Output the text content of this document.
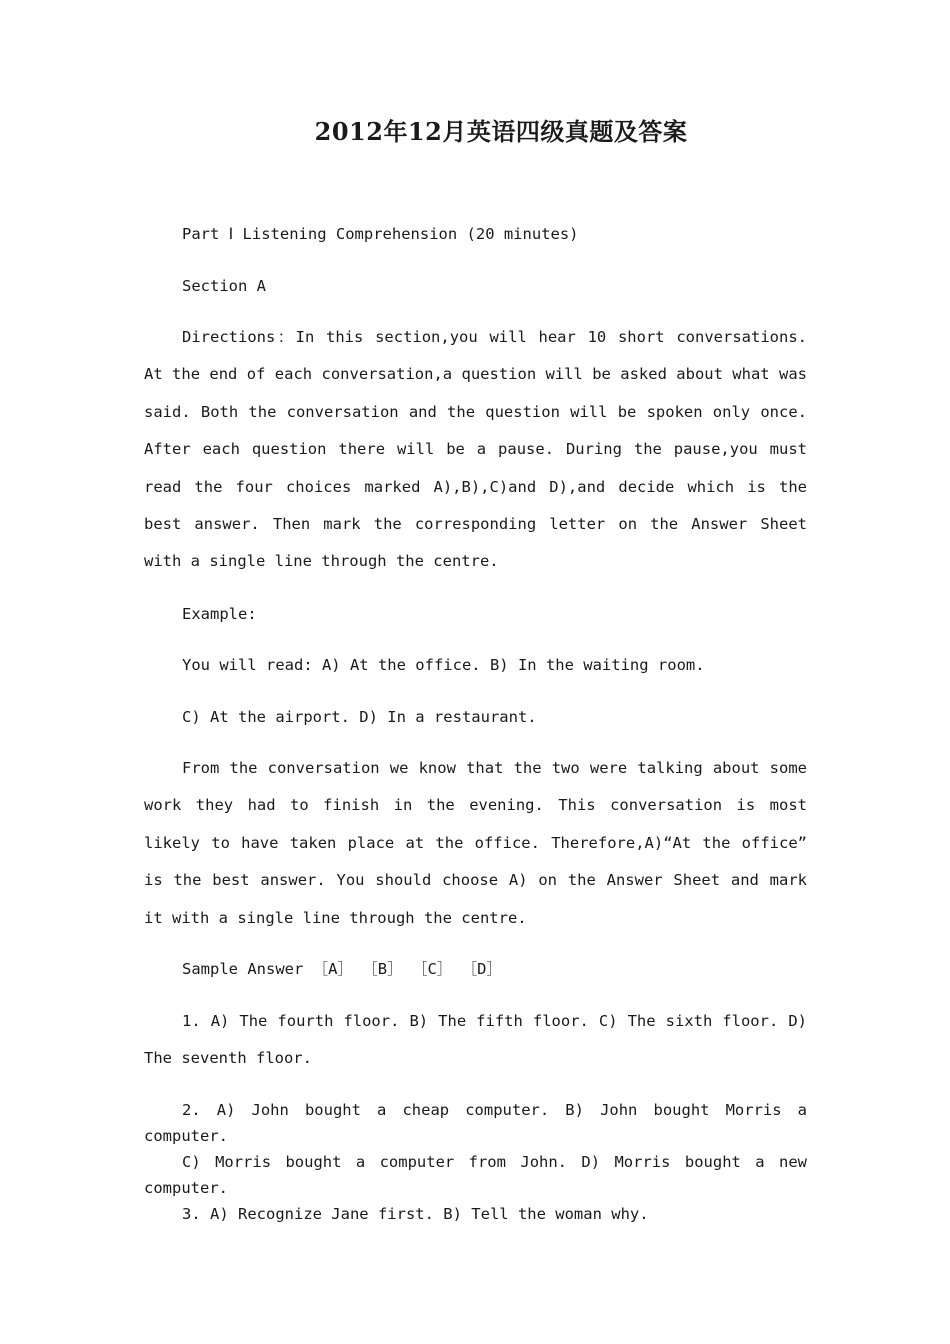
2012年12月英语四级真题及答案

Part Ⅰ Listening Comprehension (20 minutes)

Section A

Directions：In this section,you will hear 10 short conversations. At the end of each conversation,a question will be asked about what was said. Both the conversation and the question will be spoken only once. After each question there will be a pause. During the pause,you must read the four choices marked A),B),C)and D),and decide which is the best answer. Then mark the corresponding letter on the Answer Sheet with a single line through the centre.

Example:

You will read: A) At the office. B) In the waiting room.

C) At the airport. D) In a restaurant.

From the conversation we know that the two were talking about some work they had to finish in the evening. This conversation is most likely to have taken place at the office. Therefore,A)“At the office” is the best answer. You should choose A) on the Answer Sheet and mark it with a single line through the centre.

Sample Answer ［A］ ［B］ ［C］ ［D］

1. A) The fourth floor. B) The fifth floor. C) The sixth floor. D) The seventh floor.

2. A) John bought a cheap computer. B) John bought Morris a computer.

C) Morris bought a computer from John. D) Morris bought a new computer.

3. A) Recognize Jane first. B) Tell the woman why.
